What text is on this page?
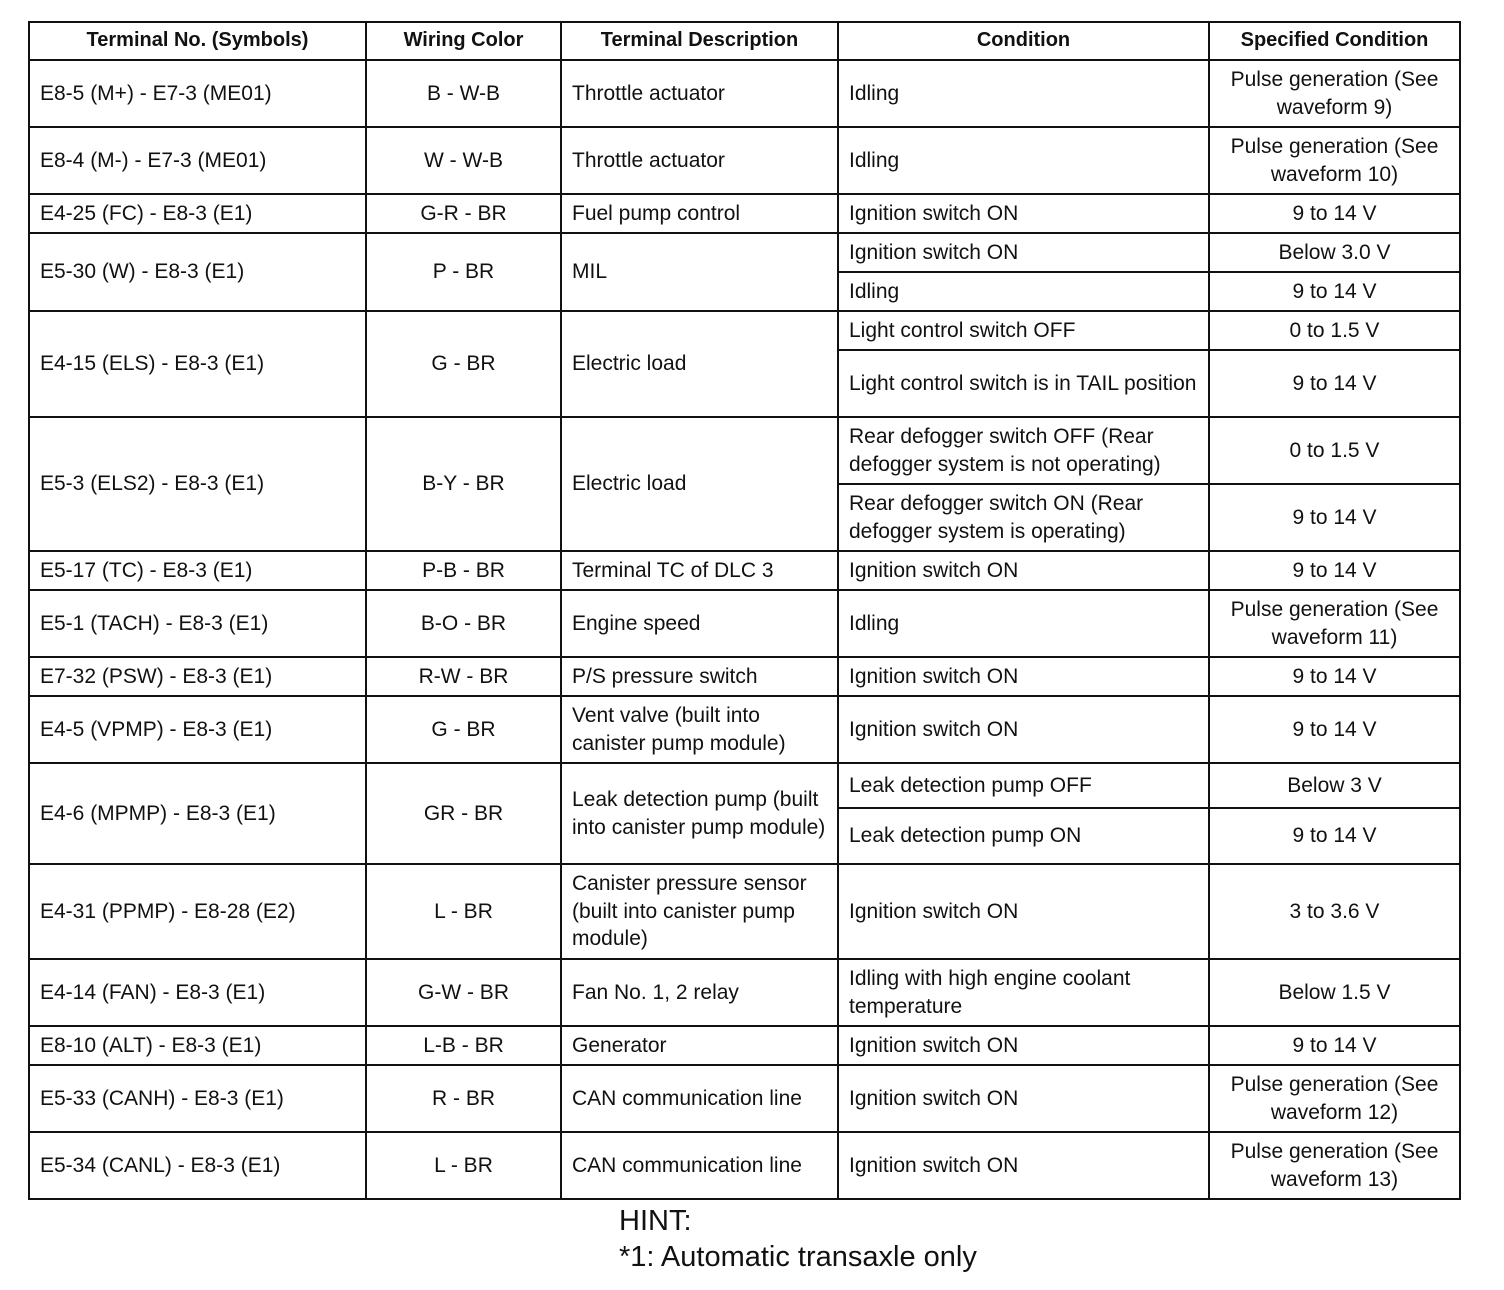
Terminal No. (Symbols)	Wiring Color	Terminal Description	Condition	Specified Condition
E8-5 (M+) - E7-3 (ME01)	B - W-B	Throttle actuator	Idling	Pulse generation (See waveform 9)
E8-4 (M-) - E7-3 (ME01)	W - W-B	Throttle actuator	Idling	Pulse generation (See waveform 10)
E4-25 (FC) - E8-3 (E1)	G-R - BR	Fuel pump control	Ignition switch ON	9 to 14 V
E5-30 (W) - E8-3 (E1)	P - BR	MIL	Ignition switch ON	Below 3.0 V
			Idling	9 to 14 V
E4-15 (ELS) - E8-3 (E1)	G - BR	Electric load	Light control switch OFF	0 to 1.5 V
			Light control switch is in TAIL position	9 to 14 V
E5-3 (ELS2) - E8-3 (E1)	B-Y - BR	Electric load	Rear defogger switch OFF (Rear defogger system is not operating)	0 to 1.5 V
			Rear defogger switch ON (Rear defogger system is operating)	9 to 14 V
E5-17 (TC) - E8-3 (E1)	P-B - BR	Terminal TC of DLC 3	Ignition switch ON	9 to 14 V
E5-1 (TACH) - E8-3 (E1)	B-O - BR	Engine speed	Idling	Pulse generation (See waveform 11)
E7-32 (PSW) - E8-3 (E1)	R-W - BR	P/S pressure switch	Ignition switch ON	9 to 14 V
E4-5 (VPMP) - E8-3 (E1)	G - BR	Vent valve (built into canister pump module)	Ignition switch ON	9 to 14 V
E4-6 (MPMP) - E8-3 (E1)	GR - BR	Leak detection pump (built into canister pump module)	Leak detection pump OFF	Below 3 V
			Leak detection pump ON	9 to 14 V
E4-31 (PPMP) - E8-28 (E2)	L - BR	Canister pressure sensor (built into canister pump module)	Ignition switch ON	3 to 3.6 V
E4-14 (FAN) - E8-3 (E1)	G-W - BR	Fan No. 1, 2 relay	Idling with high engine coolant temperature	Below 1.5 V
E8-10 (ALT) - E8-3 (E1)	L-B - BR	Generator	Ignition switch ON	9 to 14 V
E5-33 (CANH) - E8-3 (E1)	R - BR	CAN communication line	Ignition switch ON	Pulse generation (See waveform 12)
E5-34 (CANL) - E8-3 (E1)	L - BR	CAN communication line	Ignition switch ON	Pulse generation (See waveform 13)
HINT:
*1: Automatic transaxle only
